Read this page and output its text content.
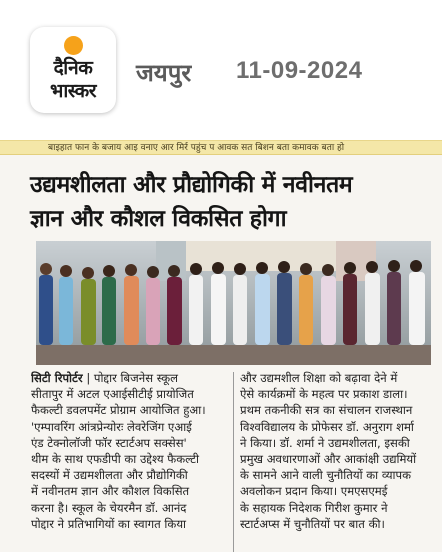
दैनिक
भास्कर
जयपुर 11-09-2024
बाइहात फान के बजाय आइ वनाए आर मिर्र पहुंच प आवक सत बिशन बता कमावक बता हो
उद्यमशीलता और प्रौद्योगिकी में नवीनतम
ज्ञान और कौशल विकसित होगा
सिटी रिपोर्टर | पोद्दार बिजनेस स्कूल
सीतापुर में अटल एआईसीटीई प्रायोजित
फैकल्टी डवलपमेंट प्रोग्राम आयोजित हुआ।
'एम्पावरिंग आंत्रप्रेन्योरः लेवरेजिंग एआई
एंड टेक्नोलॉजी फॉर स्टार्टअप सक्सेस'
थीम के साथ एफडीपी का उद्देश्य फैकल्टी
सदस्यों में उद्यमशीलता और प्रौद्योगिकी
में नवीनतम ज्ञान और कौशल विकसित
करना है। स्कूल के चेयरमैन डॉ. आनंद
पोद्दार ने प्रतिभागियों का स्वागत किया
और उद्यमशील शिक्षा को बढ़ावा देने में
ऐसे कार्यक्रमों के महत्व पर प्रकाश डाला।
प्रथम तकनीकी सत्र का संचालन राजस्थान
विश्वविद्यालय के प्रोफेसर डॉ. अनुराग शर्मा
ने किया। डॉ. शर्मा ने उद्यमशीलता, इसकी
प्रमुख अवधारणाओं और आकांक्षी उद्यमियों
के सामने आने वाली चुनौतियों का व्यापक
अवलोकन प्रदान किया। एमएसएमई
के सहायक निदेशक गिरीश कुमार ने
स्टार्टअप्स में चुनौतियों पर बात की।
